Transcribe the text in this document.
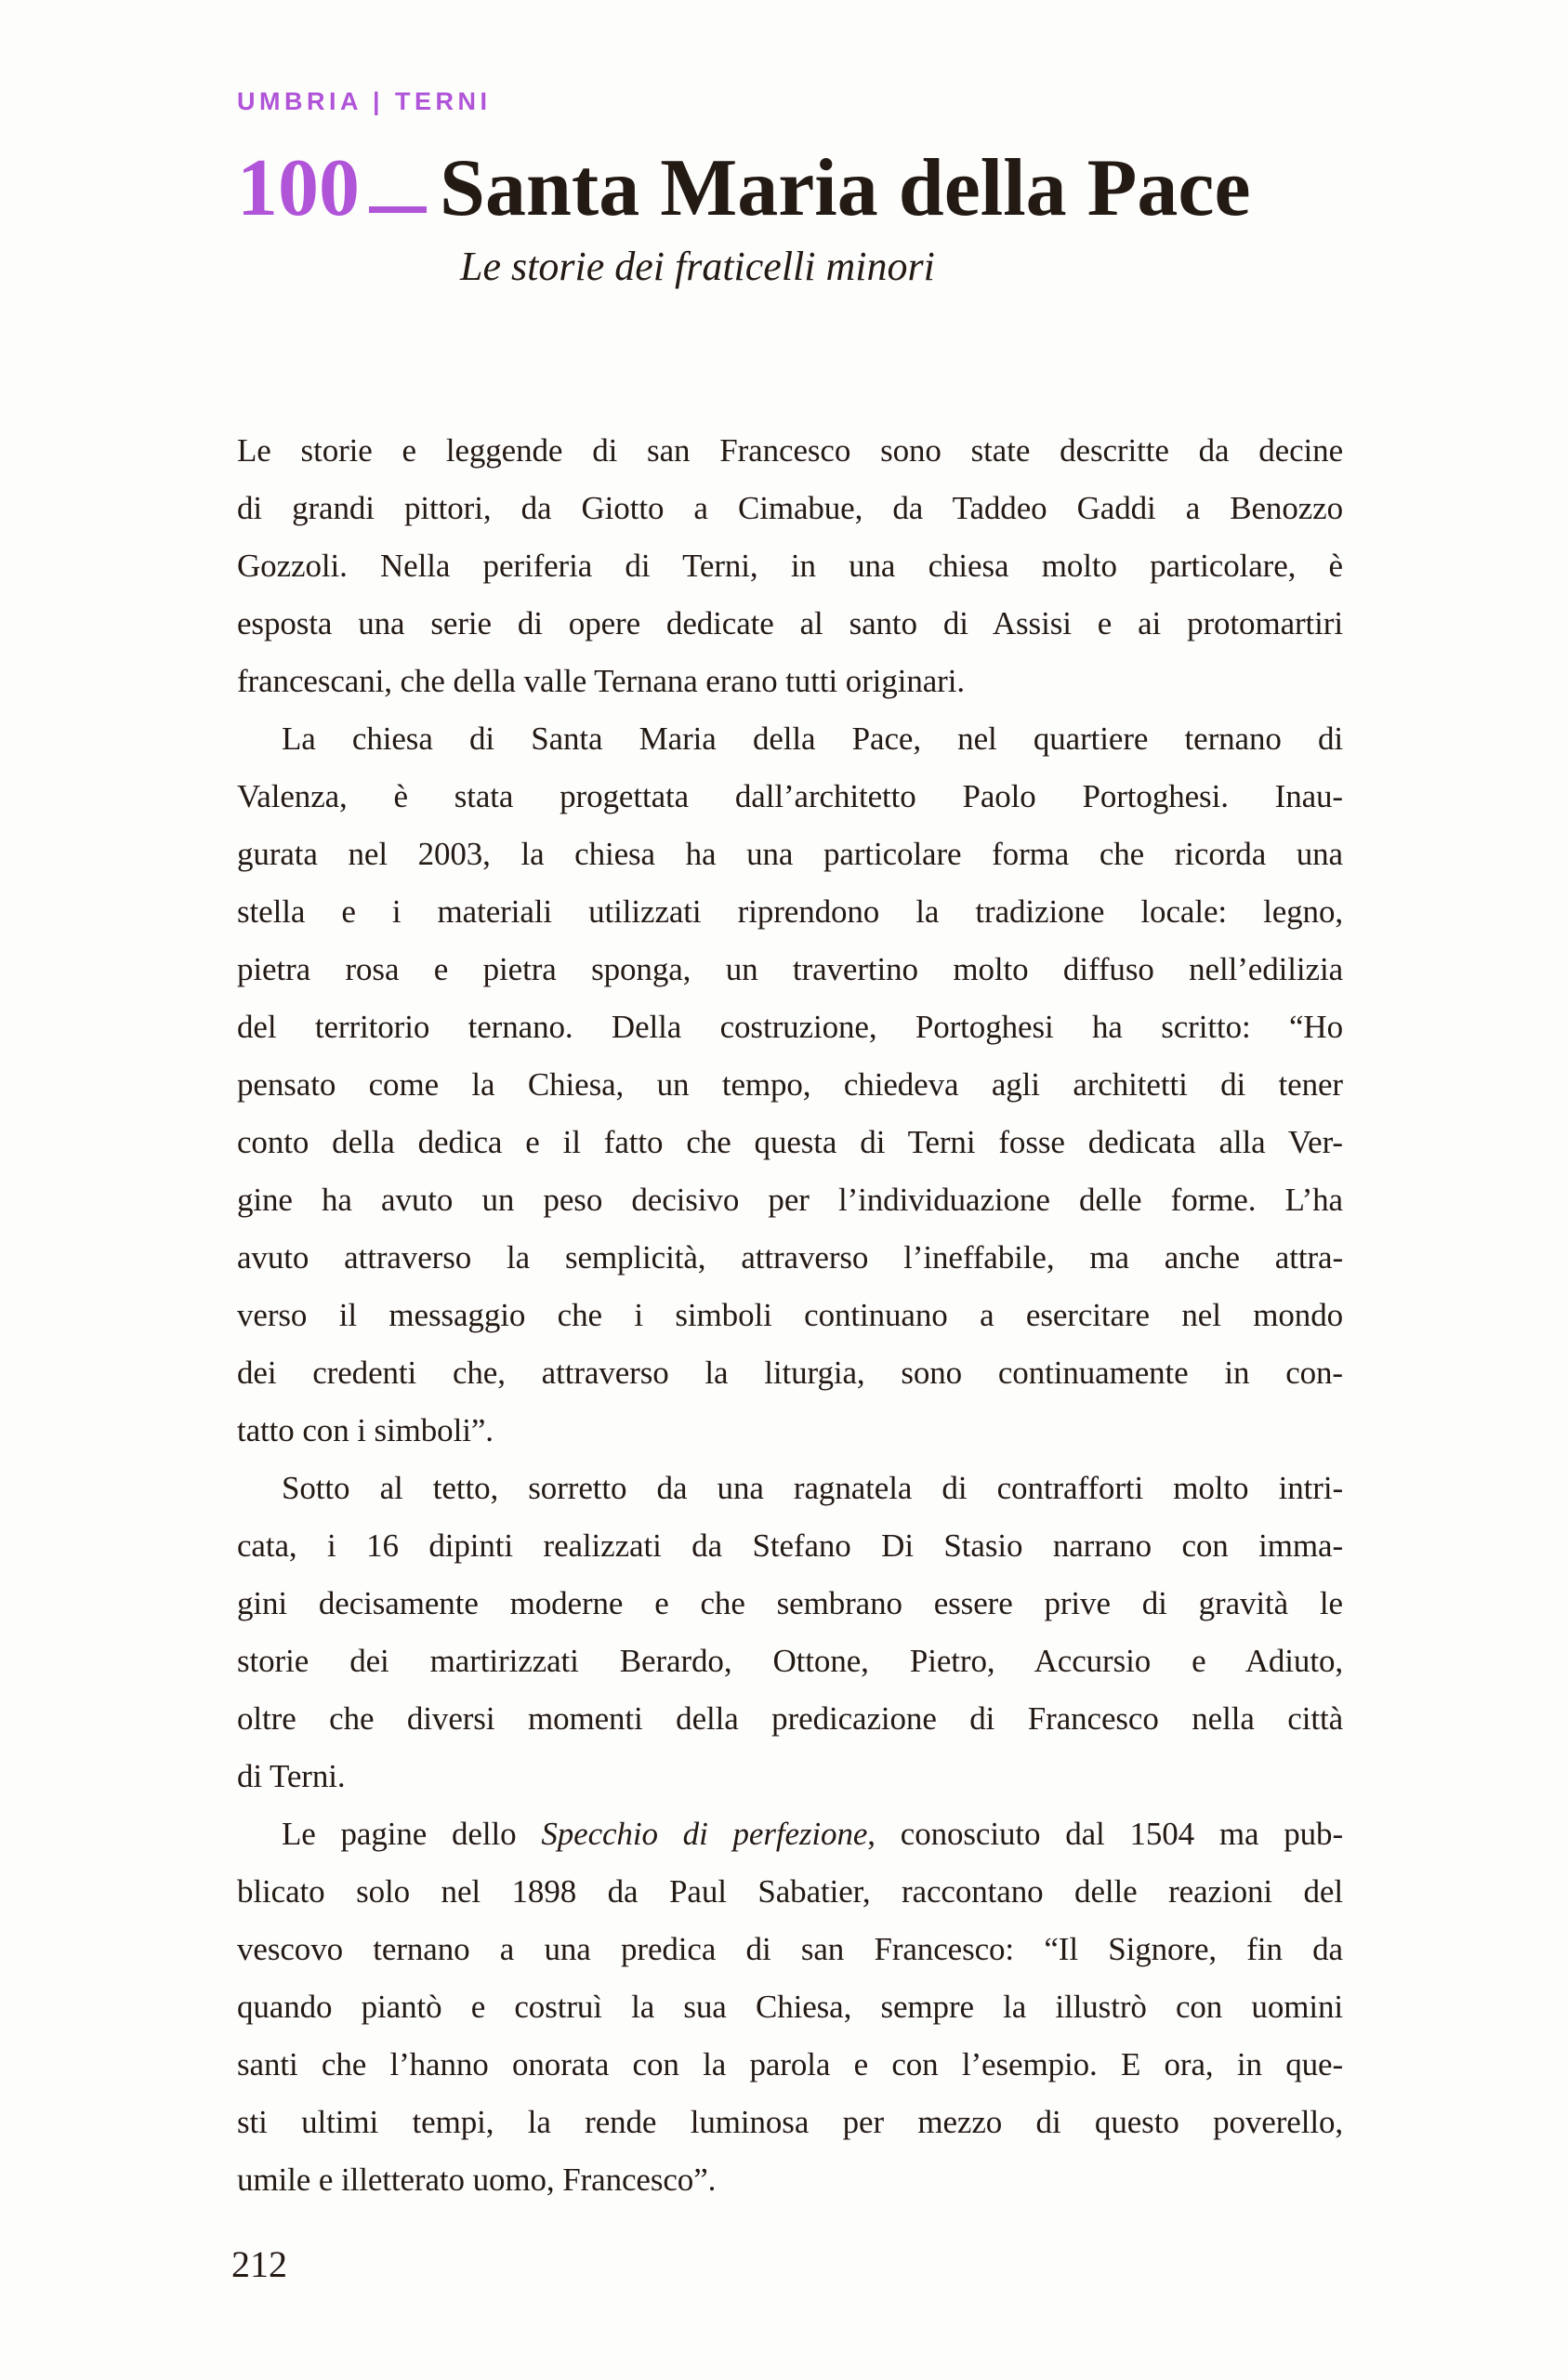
UMBRIA | TERNI
100 Santa Maria della Pace
Le storie dei fraticelli minori
Le storie e leggende di san Francesco sono state descritte da decine
di grandi pittori, da Giotto a Cimabue, da Taddeo Gaddi a Benozzo
Gozzoli. Nella periferia di Terni, in una chiesa molto particolare, è
esposta una serie di opere dedicate al santo di Assisi e ai protomartiri
francescani, che della valle Ternana erano tutti originari.
La chiesa di Santa Maria della Pace, nel quartiere ternano di
Valenza, è stata progettata dall’architetto Paolo Portoghesi. Inau-
gurata nel 2003, la chiesa ha una particolare forma che ricorda una
stella e i materiali utilizzati riprendono la tradizione locale: legno,
pietra rosa e pietra sponga, un travertino molto diffuso nell’edilizia
del territorio ternano. Della costruzione, Portoghesi ha scritto: “Ho
pensato come la Chiesa, un tempo, chiedeva agli architetti di tener
conto della dedica e il fatto che questa di Terni fosse dedicata alla Ver-
gine ha avuto un peso decisivo per l’individuazione delle forme. L’ha
avuto attraverso la semplicità, attraverso l’ineffabile, ma anche attra-
verso il messaggio che i simboli continuano a esercitare nel mondo
dei credenti che, attraverso la liturgia, sono continuamente in con-
tatto con i simboli”.
Sotto al tetto, sorretto da una ragnatela di contrafforti molto intri-
cata, i 16 dipinti realizzati da Stefano Di Stasio narrano con imma-
gini decisamente moderne e che sembrano essere prive di gravità le
storie dei martirizzati Berardo, Ottone, Pietro, Accursio e Adiuto,
oltre che diversi momenti della predicazione di Francesco nella città
di Terni.
Le pagine dello Specchio di perfezione, conosciuto dal 1504 ma pub-
blicato solo nel 1898 da Paul Sabatier, raccontano delle reazioni del
vescovo ternano a una predica di san Francesco: “Il Signore, fin da
quando piantò e costruì la sua Chiesa, sempre la illustrò con uomini
santi che l’hanno onorata con la parola e con l’esempio. E ora, in que-
sti ultimi tempi, la rende luminosa per mezzo di questo poverello,
umile e illetterato uomo, Francesco”.
212
